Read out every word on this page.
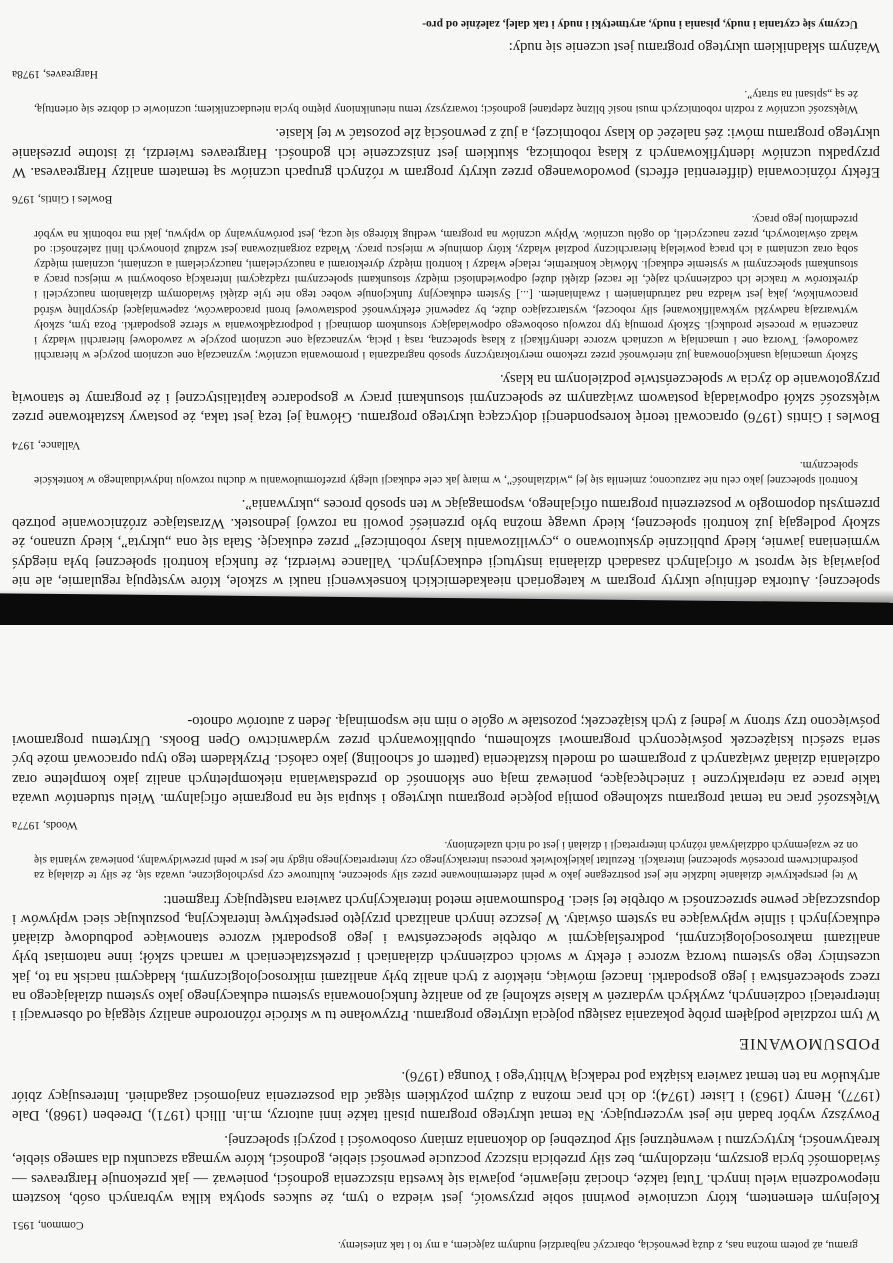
społecznej. Autorka definiuje ukryty program w kategoriach nieakademickich konsekwencji nauki w szkole, które występują regularnie, ale nie pojawiają się wprost w oficjalnych zasadach działania instytucji edukacyjnych. Vallance twierdzi, że funkcja kontroli społecznej była niegdyś wymieniana jawnie, kiedy publicznie dyskutowano o „cywilizowaniu klasy robotniczej” przez edukację. Stała się ona „ukryta”, kiedy uznano, że szkoły podlegają już kontroli społecznej, kiedy uwagę można było przenieść powoli na rozwój jednostek. Wzrastające zróżnicowanie potrzeb przemysłu dopomogło w poszerzeniu programu oficjalnego, wspomagając w ten sposób proces „ukrywania”.

Kontroli społecznej jako celu nie zarzucono; zmieniła się jej „widzialność”, w miarę jak cele edukacji uległy przeformułowaniu w duchu rozwoju indywidualnego w kontekście społecznym.

Vallance, 1974

Bowles i Gintis (1976) opracowali teorię korespondencji dotyczącą ukrytego programu. Główną jej tezą jest taka, że postawy kształtowane przez większość szkół odpowiadają postawom związanym ze społecznymi stosunkami pracy w gospodarce kapitalistycznej i że programy te stanowią przygotowanie do życia w społeczeństwie podzielonym na klasy.

Szkoły umacniają usankcjonowaną już nierówność przez rzekomo merytokratyczny sposób nagradzania i promowania uczniów; wyznaczają one uczniom pozycje w hierarchii zawodowej. Tworzą one i umacniają w uczniach wzorce identyfikacji z klasą społeczną, rasą i płcią, wyznaczają one uczniom pozycje w zawodowej hierarchii władzy i znaczenia w procesie produkcji. Szkoły promują typ rozwoju osobowego odpowiadający stosunkom dominacji i podporządkowania w sferze gospodarki. Poza tym, szkoły wytwarzają nadwyżki wykwalifikowanej siły roboczej, wystarczająco duże, by zapewnić efektywność podstawowej broni pracodawców, zapewniającej dyscyplinę wśród pracowników, jaką jest władza nad zatrudnianiem i zwalnianiem. [...] System edukacyjny funkcjonuje wobec tego nie tyle dzięki świadomym działaniom nauczycieli i dyrektorów w trakcie ich codziennych zajęć, ile raczej dzięki dużej odpowiedniości między stosunkami społecznymi rządzącymi interakcją osobowymi w miejscu pracy a stosunkami społecznymi w systemie edukacji. Mówiąc konkretnie, relacje władzy i kontroli między dyrektorami a nauczycielami, nauczycielami a uczniami, uczniami między sobą oraz uczniami a ich pracą powielają hierarchiczny podział władzy, który dominuje w miejscu pracy. Władza zorganizowana jest wzdłuż pionowych linii zależności: od władz oświatowych, przez nauczycieli, do ogółu uczniów. Wpływ uczniów na program, według którego się uczą, jest porównywalny do wpływu, jaki ma robotnik na wybór przedmiotu jego pracy.

Bowles i Gintis, 1976

Efekty różnicowania (differential effects) powodowanego przez ukryty program w różnych grupach uczniów są tematem analizy Hargreavesa. W przypadku uczniów identyfikowanych z klasą robotniczą, skutkiem jest zniszczenie ich godności. Hargreaves twierdzi, iż istotne przesłanie ukrytego programu mówi: żeś należeć do klasy robotniczej, a już z pewnością żle pozostać w tej klasie.

Większość uczniów z rodzin robotniczych musi nosić bliznę zdeptanej godności; towarzyszy temu nieunikniony piętno bycia nieudacznikiem; uczniowie ci dobrze się orientują, że są „spisani na straty”.

Hargreaves, 1978a

Ważnym składnikiem ukrytego programu jest uczenie się nudy:

Uczymy się czytania i nudy, pisania i nudy, arytmetyki i nudy i tak dalej, zależnie od pro-

gramu, aż potem można nas, z dużą pewnością, obarczyć najbardziej nudnym zajęciem, a my to i tak zniesiemy.

Common, 1951

Kolejnym elementem, który uczniowie powinni sobie przyswoić, jest wiedza o tym, że sukces spotyka kilka wybranych osób, kosztem niepowodzenia wielu innych. Tutaj także, chociaż niejawnie, pojawia się kwestia niszczenia godności, ponieważ — jak przekonuje Hargreaves — świadomość bycia gorszym, niezdolnym, bez siły przebicia niszczy poczucie pewności siebie, godności, które wymaga szacunku dla samego siebie, kreatywności, krytycyzmu i wewnętrznej siły potrzebnej do dokonania zmiany osobowości i pozycji społecznej.

Powyższy wybór badań nie jest wyczerpujący. Na temat ukrytego programu pisali także inni autorzy, m.in. Illich (1971), Dreeben (1968), Dale (1977), Henry (1963) i Lister (1974); do ich prac można z dużym pożytkiem sięgać dla poszerzenia znajomości zagadnień. Interesujący zbiór artykułów na ten temat zawiera książka pod redakcją Whitty'ego i Younga (1976).

PODSUMOWANIE

W tym rozdziale podjąłem próbę pokazania zasięgu pojęcia ukrytego programu. Przywołane tu w skrócie różnorodne analizy sięgają od obserwacji i interpretacji codziennych, zwykłych wydarzeń w klasie szkolnej aż po analizę funkcjonowania systemu edukacyjnego jako systemu działającego na rzecz społeczeństwa i jego gospodarki. Inaczej mówiąc, niektóre z tych analiz były analizami mikrosocjologicznymi, kładącymi nacisk na to, jak uczestnicy tego systemu tworzą wzorce i efekty w swoich codziennych działaniach i przekształceniach w ramach szkół; inne natomiast były analizami makrosocjologicznymi, podkreślającymi w obrębie społeczeństwa i jego gospodarki wzorce stanowiące podbudowę działań edukacyjnych i silnie wpływające na system oświaty. W jeszcze innych analizach przyjęto perspektywę interakcyjną, poszukując sieci wpływów i dopuszczając pewne sprzeczności w obrębie tej sieci. Podsumowanie metod interakcyjnych zawiera następujący fragment:

W tej perspektywie działanie ludzkie nie jest postrzegane jako w pełni zdeterminowane przez siły społeczne, kulturowe czy psychologiczne, uważa się, że siły te działają za pośrednictwem procesów społecznej interakcji. Rezultat jakiejkolwiek procesu interakcyjnego czy interpretacyjnego nigdy nie jest w pełni przewidywalny, ponieważ wyłania się on ze wzajemnych oddziaływań różnych interpretacji i działań i jest od nich uzależniony.

Woods, 1977a

Większość prac na temat programu szkolnego pomija pojęcie programu ukrytego i skupia się na programie oficjalnym. Wielu studentów uważa takie prace za niepraktyczne i zniechęcające, ponieważ mają one skłonność do przedstawiania niekompletnych analiz jako kompletne oraz odzielania działań związanych z programem od modelu kształcenia (pattern of schooling) jako całości. Przykładem tego typu opracowań może być seria sześciu książeczek poświęconych programowi szkolnemu, opublikowanych przez wydawnictwo Open Books. Ukrytemu programowi poświęcono trzy strony w jednej z tych książeczek; pozostałe w ogóle o nim nie wspominają. Jeden z autorów odnoto-
